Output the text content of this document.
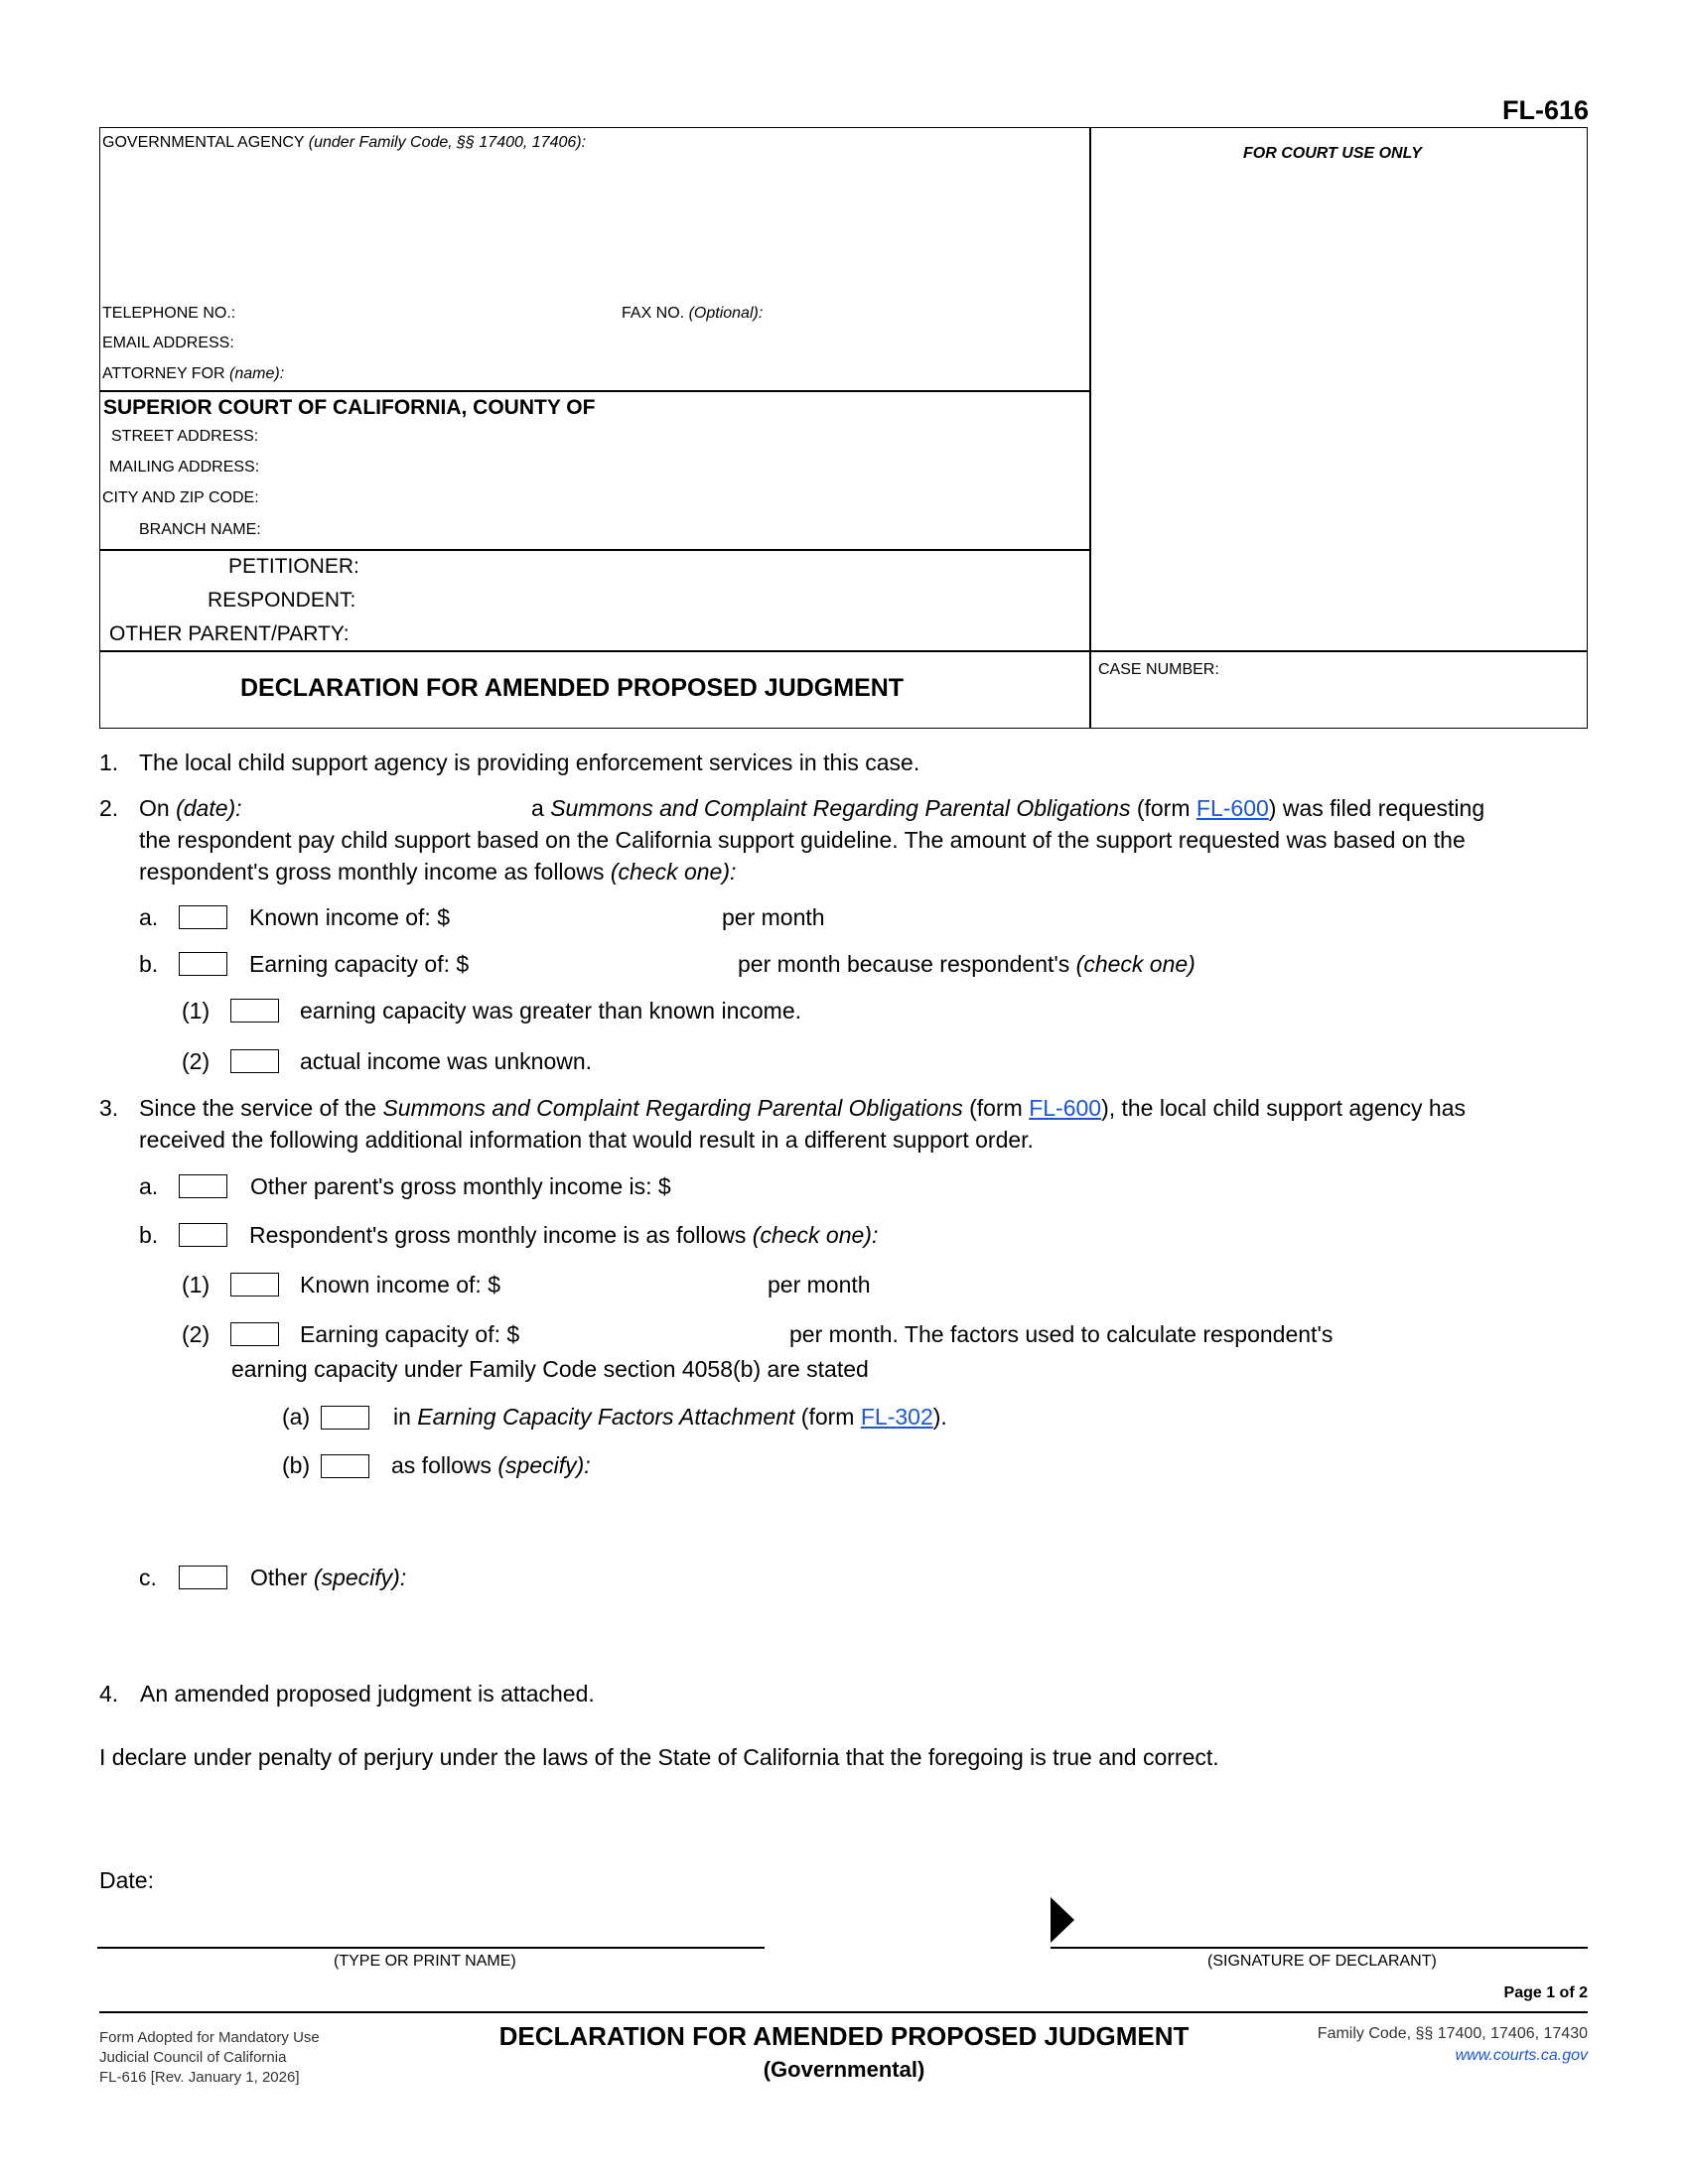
FL-616
GOVERNMENTAL AGENCY (under Family Code, §§ 17400, 17406):
TELEPHONE NO.:	FAX NO. (Optional):
EMAIL ADDRESS:
ATTORNEY FOR (name):
FOR COURT USE ONLY
SUPERIOR COURT OF CALIFORNIA, COUNTY OF
STREET ADDRESS:
MAILING ADDRESS:
CITY AND ZIP CODE:
BRANCH NAME:
PETITIONER:
RESPONDENT:
OTHER PARENT/PARTY:
DECLARATION FOR AMENDED PROPOSED JUDGMENT
CASE NUMBER:
1. The local child support agency is providing enforcement services in this case.
2. On (date):	a Summons and Complaint Regarding Parental Obligations (form FL-600) was filed requesting
the respondent pay child support based on the California support guideline. The amount of the support requested was based on the
respondent's gross monthly income as follows (check one):
a.	Known income of: $	per month
b.	Earning capacity of: $	per month because respondent's (check one)
(1)	earning capacity was greater than known income.
(2)	actual income was unknown.
3. Since the service of the Summons and Complaint Regarding Parental Obligations (form FL-600), the local child support agency has
received the following additional information that would result in a different support order.
a.	Other parent's gross monthly income is: $
b.	Respondent's gross monthly income is as follows (check one):
(1)	Known income of: $	per month
(2)	Earning capacity of: $	per month. The factors used to calculate respondent's
earning capacity under Family Code section 4058(b) are stated
(a)	in Earning Capacity Factors Attachment (form FL-302).
(b)	as follows (specify):
c.	Other (specify):
4. An amended proposed judgment is attached.
I declare under penalty of perjury under the laws of the State of California that the foregoing is true and correct.
Date:
(TYPE OR PRINT NAME)	(SIGNATURE OF DECLARANT)
Page 1 of 2
Form Adopted for Mandatory Use
Judicial Council of California
FL-616 [Rev. January 1, 2026]
DECLARATION FOR AMENDED PROPOSED JUDGMENT
(Governmental)
Family Code, §§ 17400, 17406, 17430
www.courts.ca.gov
